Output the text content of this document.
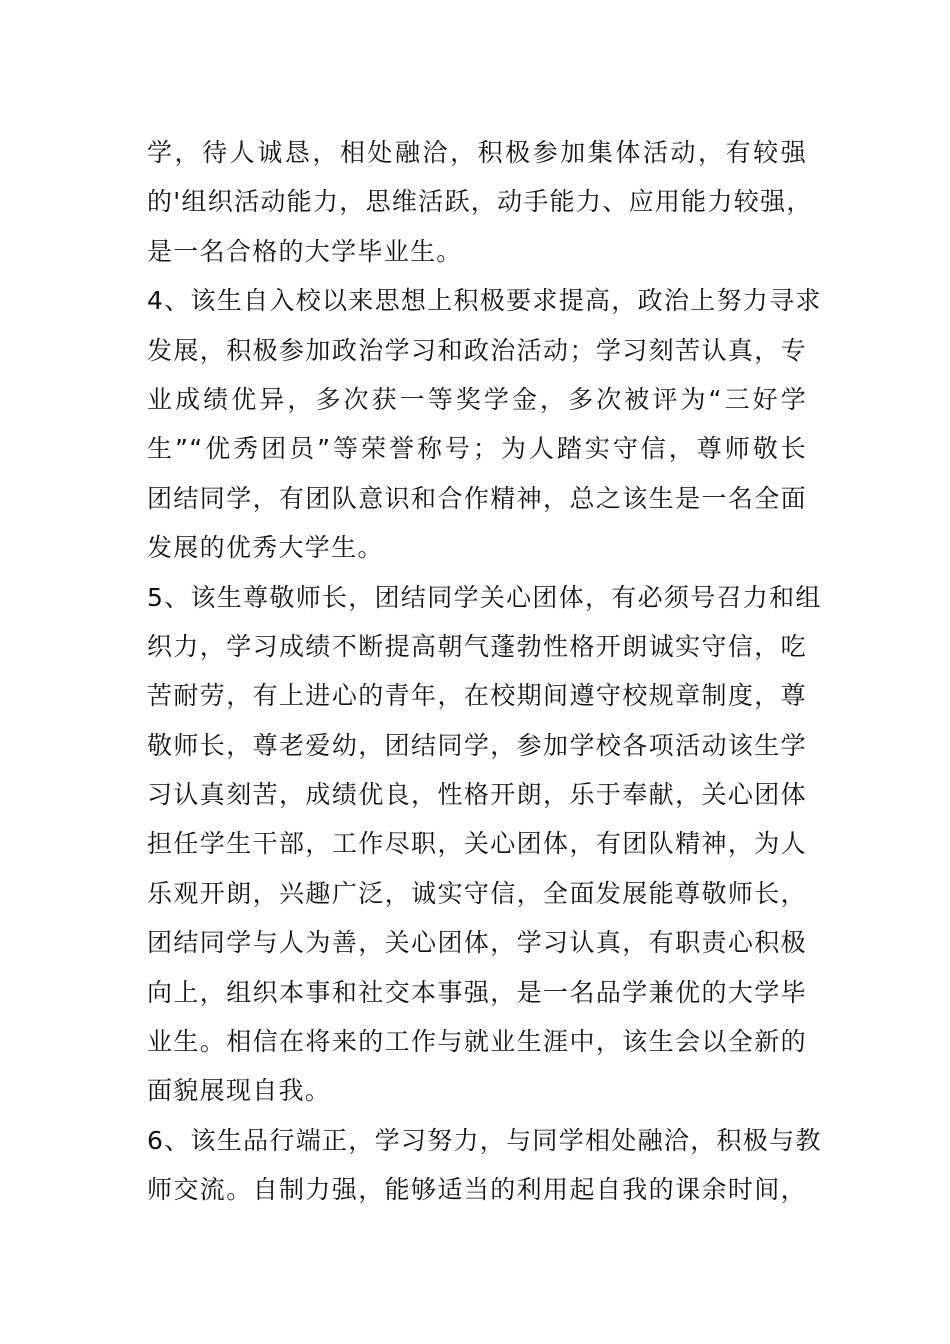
学，待人诚恳，相处融洽，积极参加集体活动，有较强
的'组织活动能力，思维活跃，动手能力、应用能力较强，
是一名合格的大学毕业生。
4、该生自入校以来思想上积极要求提高，政治上努力寻求
发展，积极参加政治学习和政治活动；学习刻苦认真，专
业成绩优异，多次获一等奖学金，多次被评为“三好学
生”“优秀团员”等荣誉称号；为人踏实守信，尊师敬长
团结同学，有团队意识和合作精神，总之该生是一名全面
发展的优秀大学生。
5、该生尊敬师长，团结同学关心团体，有必须号召力和组
织力，学习成绩不断提高朝气蓬勃性格开朗诚实守信，吃
苦耐劳，有上进心的青年，在校期间遵守校规章制度，尊
敬师长，尊老爱幼，团结同学，参加学校各项活动该生学
习认真刻苦，成绩优良，性格开朗，乐于奉献，关心团体
担任学生干部，工作尽职，关心团体，有团队精神，为人
乐观开朗，兴趣广泛，诚实守信，全面发展能尊敬师长，
团结同学与人为善，关心团体，学习认真，有职责心积极
向上，组织本事和社交本事强，是一名品学兼优的大学毕
业生。相信在将来的工作与就业生涯中，该生会以全新的
面貌展现自我。
6、该生品行端正，学习努力，与同学相处融洽，积极与教
师交流。自制力强，能够适当的利用起自我的课余时间，
